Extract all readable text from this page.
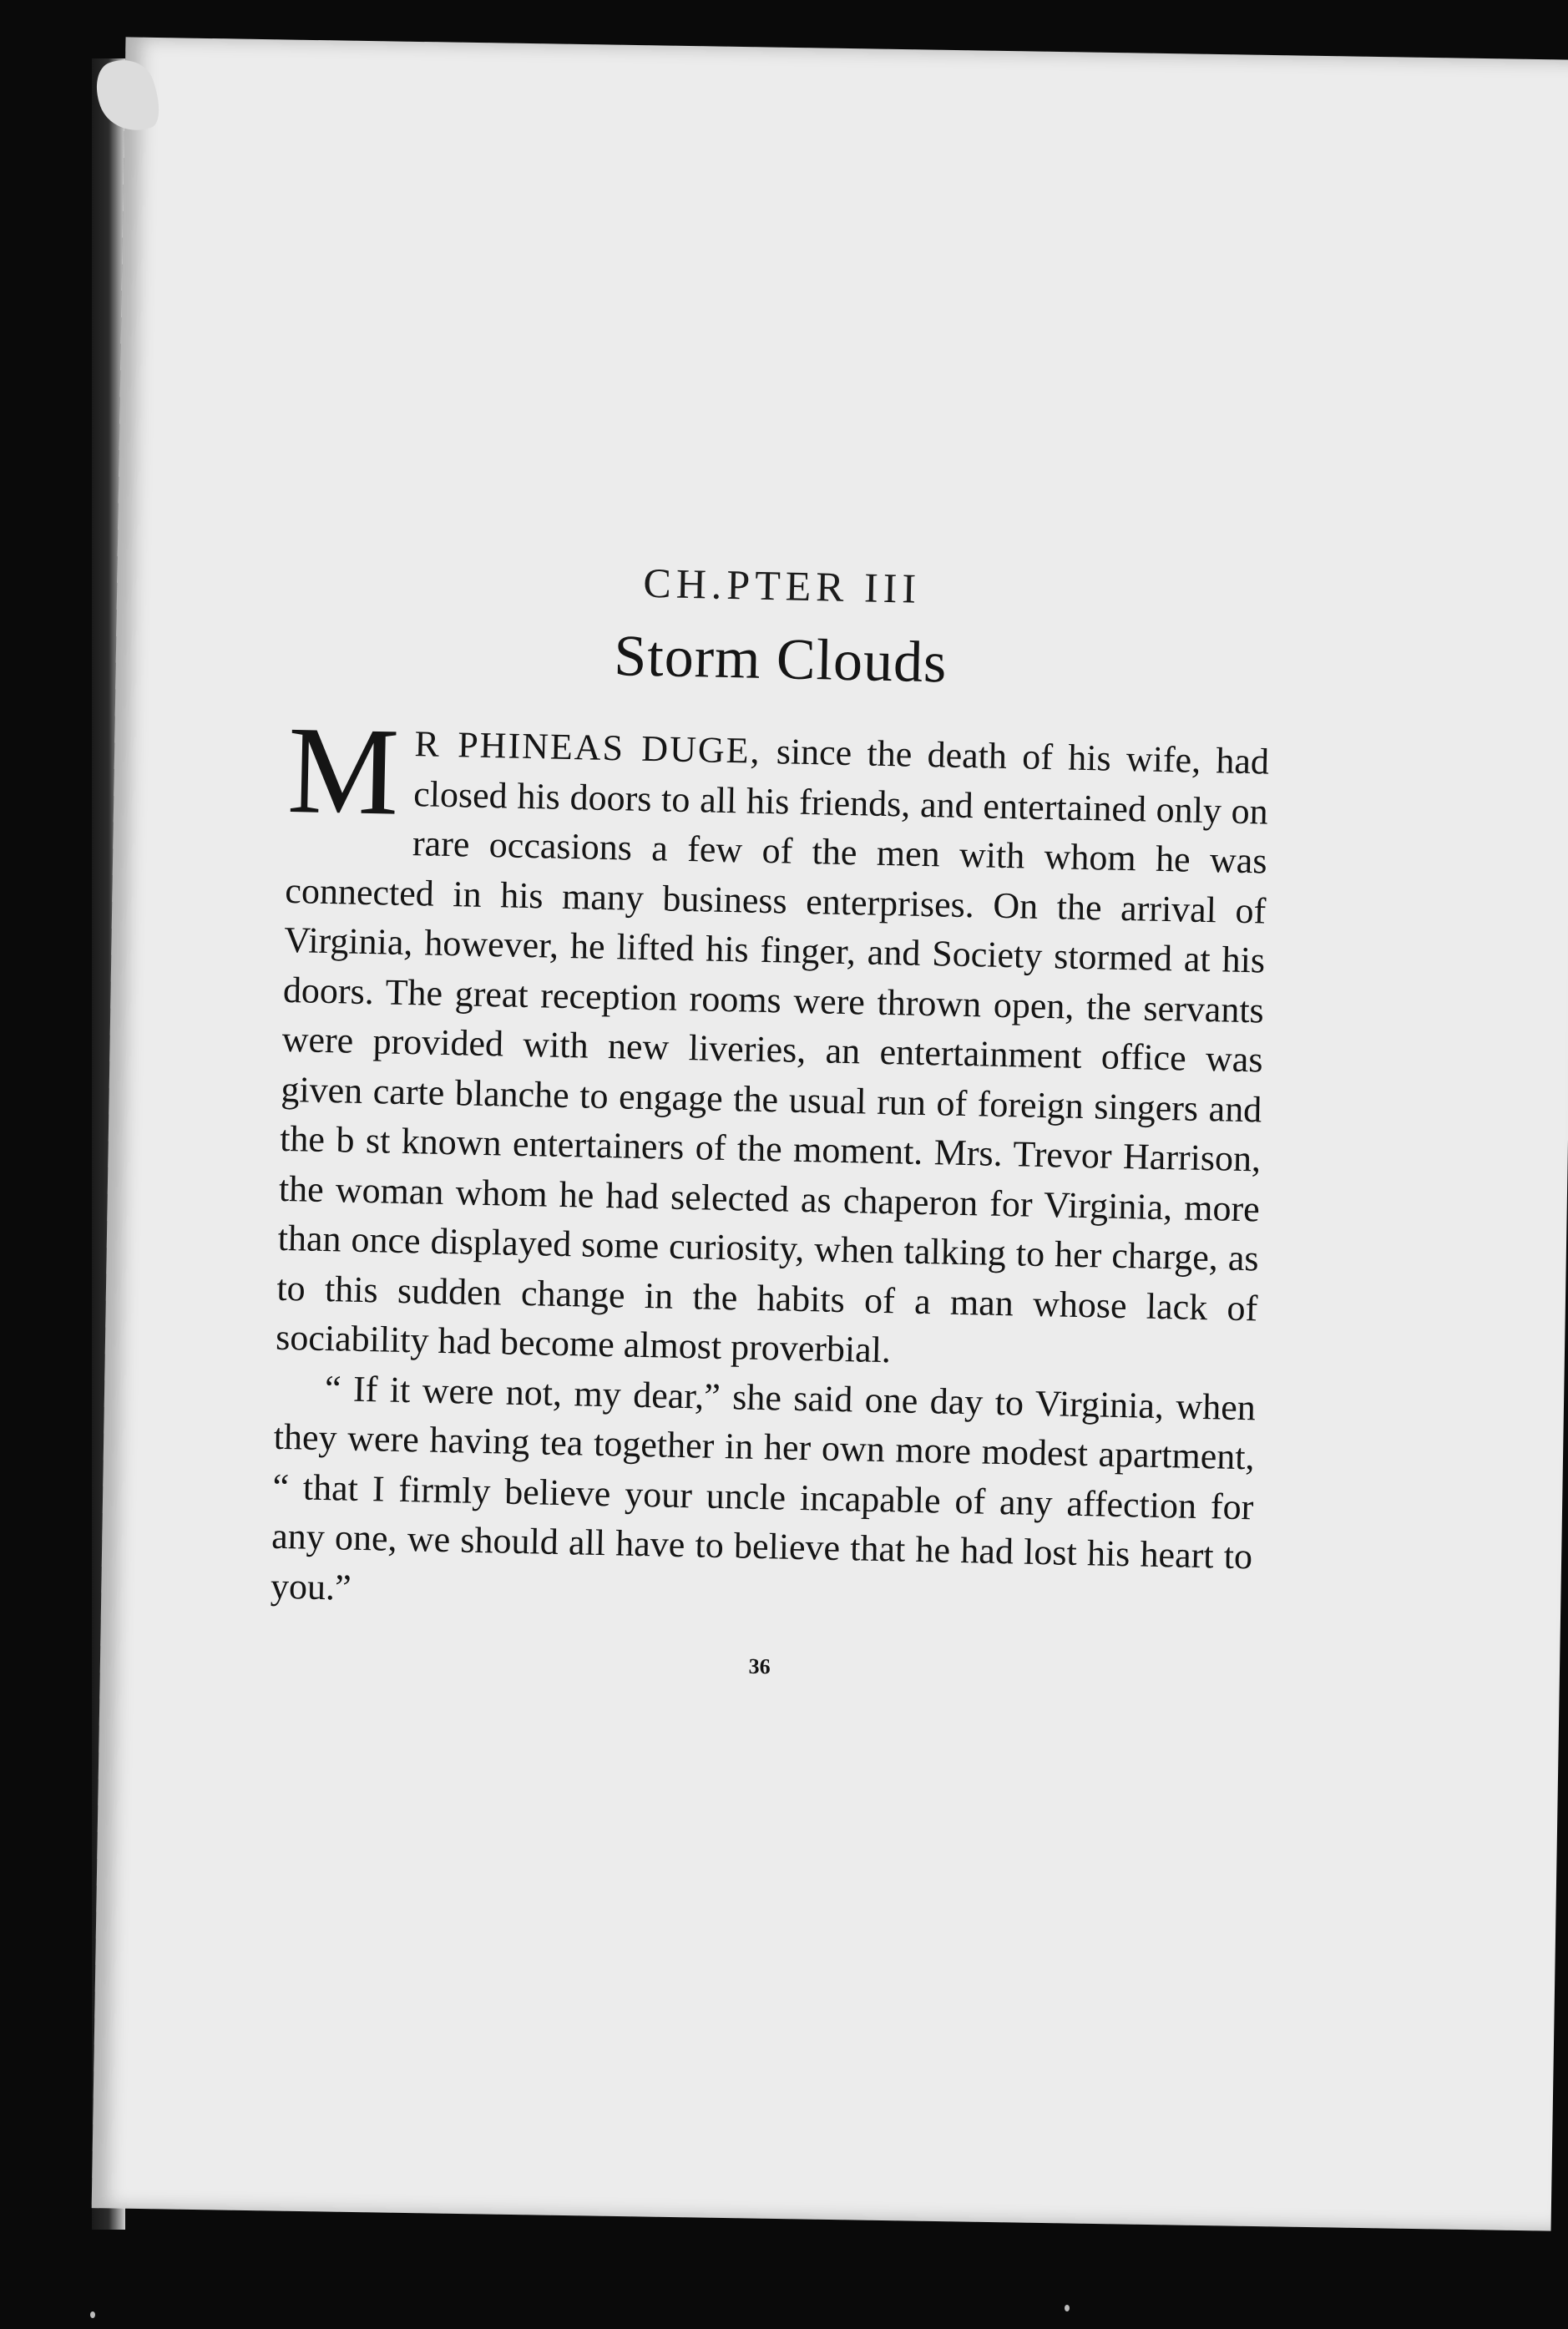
CH.PTER III
Storm Clouds

M R PHINEAS DUGE, since the death of his wife, had closed his doors to all his friends, and entertained only on rare occasions a few of the men with whom he was connected in his many business enterprises. On the arrival of Virginia, however, he lifted his finger, and Society stormed at his doors. The great reception rooms were thrown open, the servants were provided with new liveries, an entertainment office was given carte blanche to engage the usual run of foreign singers and the b st known entertainers of the moment. Mrs. Trevor Harrison, the woman whom he had selected as chaperon for Virginia, more than once displayed some curiosity, when talking to her charge, as to this sudden change in the habits of a man whose lack of sociability had become almost proverbial.

“ If it were not, my dear,” she said one day to Virginia, when they were having tea together in her own more modest apartment, “ that I firmly believe your uncle incapable of any affection for any one, we should all have to believe that he had lost his heart to you.”

36
